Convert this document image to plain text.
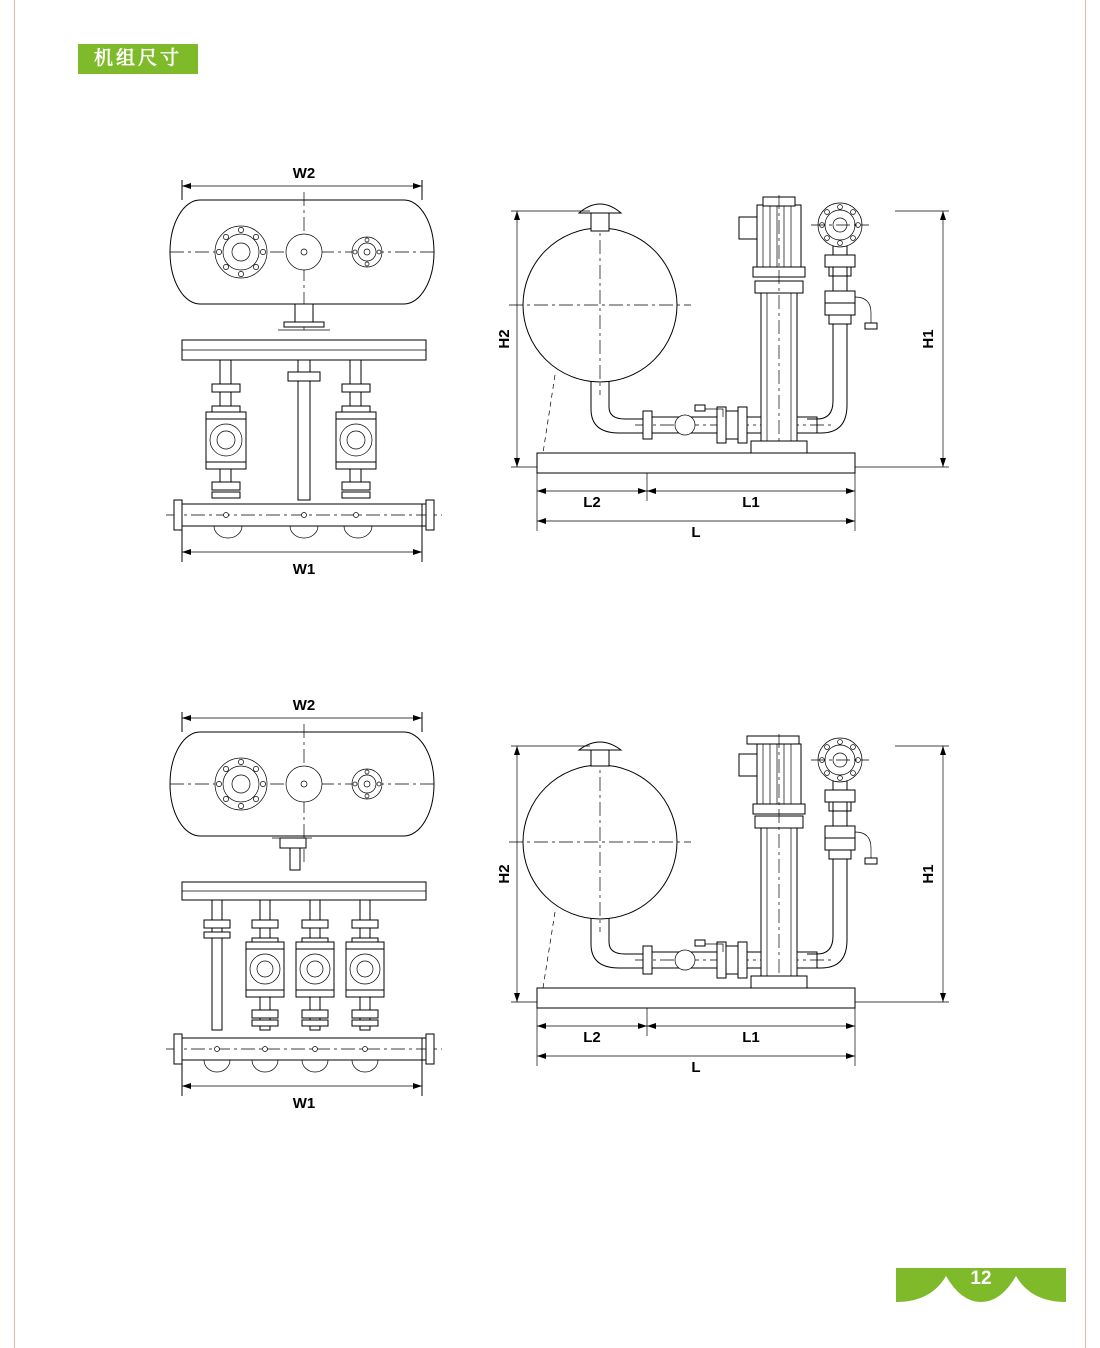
机组尺寸
W2
W1
H2	H1
L2	L1
L
W2
W1
H2	H1
L2	L1
L
12
